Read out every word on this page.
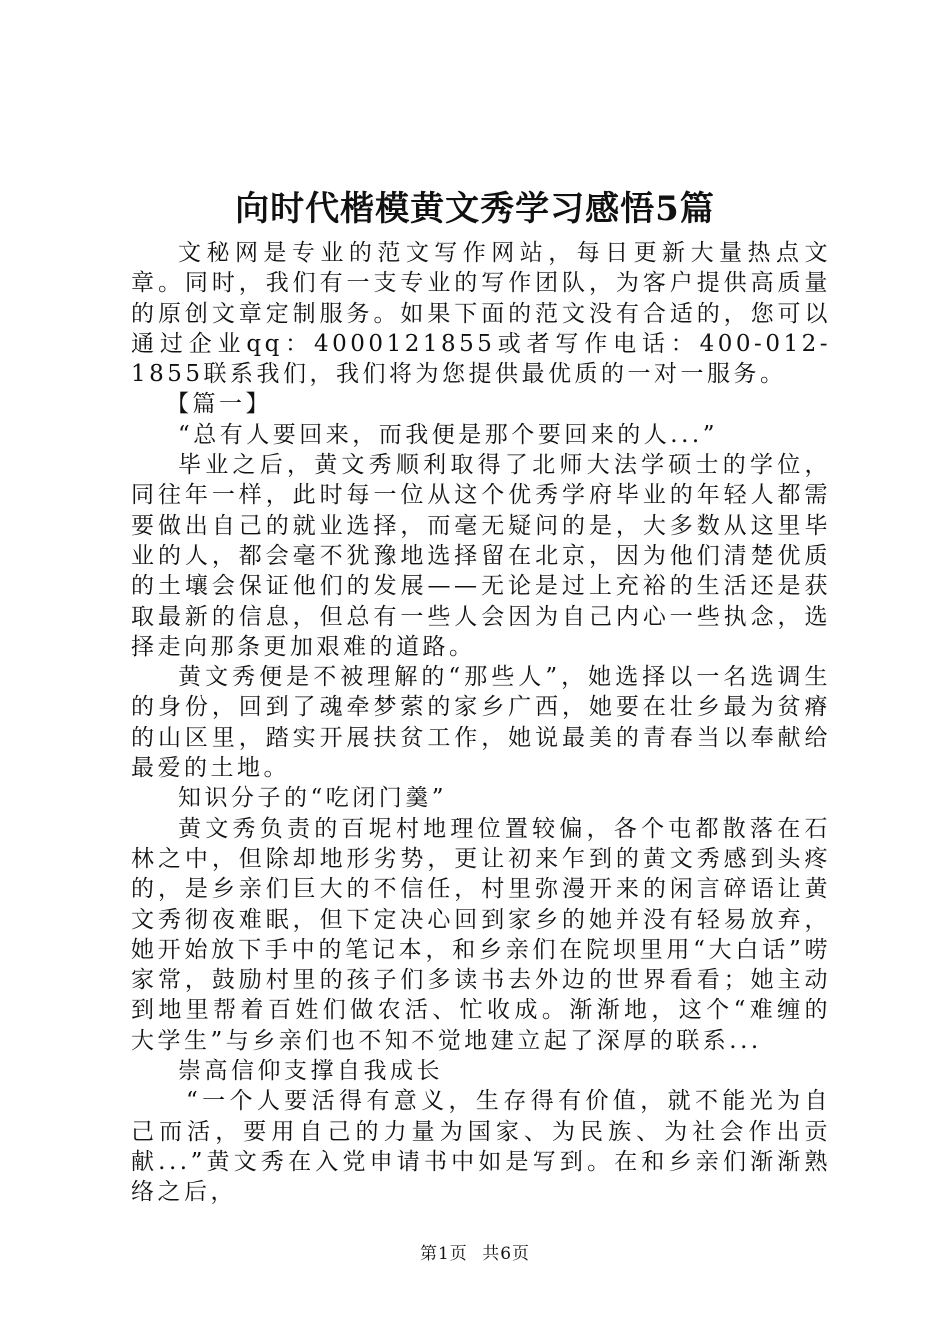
向时代楷模黄文秀学习感悟5篇

文秘网是专业的范文写作网站，每日更新大量热点文章。同时，我们有一支专业的写作团队，为客户提供高质量的原创文章定制服务。如果下面的范文没有合适的，您可以通过企业qq：4000121855或者写作电话：400-012-1855联系我们，我们将为您提供最优质的一对一服务。

【篇一】

“总有人要回来，而我便是那个要回来的人...”

毕业之后，黄文秀顺利取得了北师大法学硕士的学位，同往年一样，此时每一位从这个优秀学府毕业的年轻人都需要做出自己的就业选择，而毫无疑问的是，大多数从这里毕业的人，都会毫不犹豫地选择留在北京，因为他们清楚优质的土壤会保证他们的发展——无论是过上充裕的生活还是获取最新的信息，但总有一些人会因为自己内心一些执念，选择走向那条更加艰难的道路。

黄文秀便是不被理解的“那些人”，她选择以一名选调生的身份，回到了魂牵梦萦的家乡广西，她要在壮乡最为贫瘠的山区里，踏实开展扶贫工作，她说最美的青春当以奉献给最爱的土地。

知识分子的“吃闭门羹”

黄文秀负责的百坭村地理位置较偏，各个屯都散落在石林之中，但除却地形劣势，更让初来乍到的黄文秀感到头疼的，是乡亲们巨大的不信任，村里弥漫开来的闲言碎语让黄文秀彻夜难眠，但下定决心回到家乡的她并没有轻易放弃，她开始放下手中的笔记本，和乡亲们在院坝里用“大白话”唠家常，鼓励村里的孩子们多读书去外边的世界看看；她主动到地里帮着百姓们做农活、忙收成。渐渐地，这个“难缠的大学生”与乡亲们也不知不觉地建立起了深厚的联系...

崇高信仰支撑自我成长

“一个人要活得有意义，生存得有价值，就不能光为自己而活，要用自己的力量为国家、为民族、为社会作出贡献...”黄文秀在入党申请书中如是写到。在和乡亲们渐渐熟络之后，

第1页 共6页
